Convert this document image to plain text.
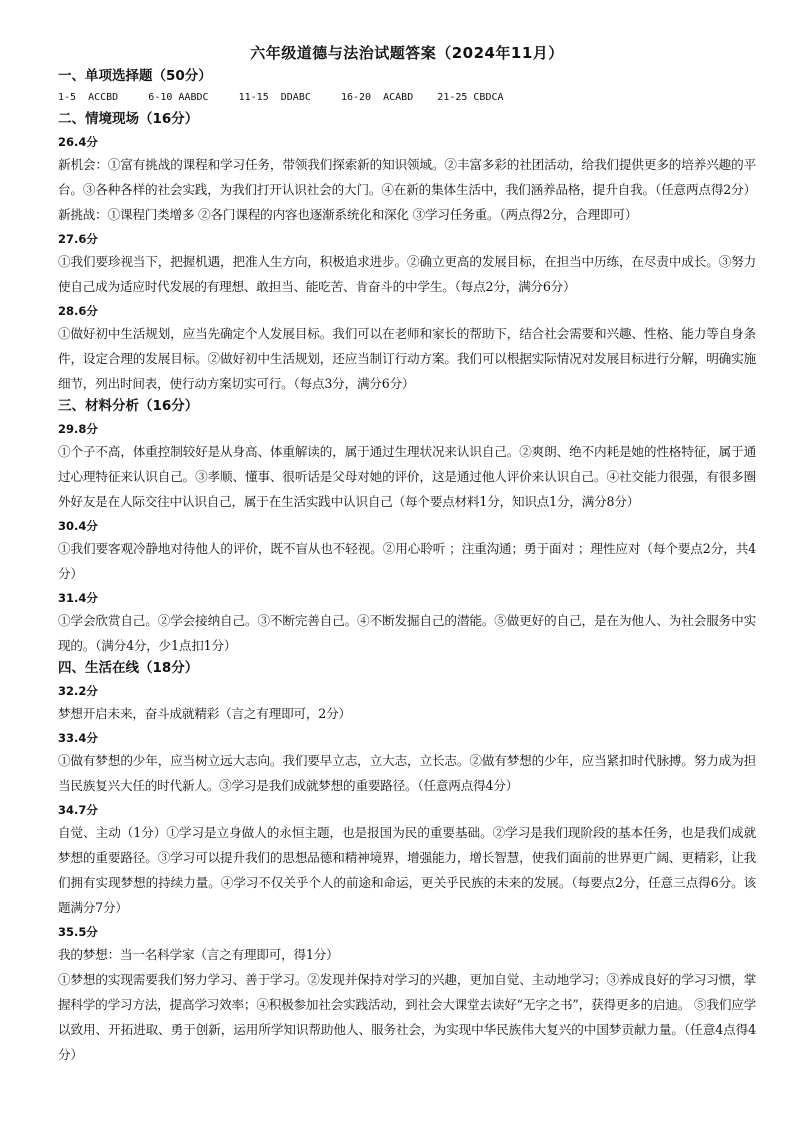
六年级道德与法治试题答案（2024年11月）
一、单项选择题（50分）
1-5  ACCBD     6-10 AABDC     11-15  DDABC     16-20  ACABD    21-25 CBDCA
二、情境现场（16分）
26.4分

新机会：①富有挑战的课程和学习任务，带领我们探索新的知识领域。②丰富多彩的社团活动，给我们提供更多的培养兴趣的平台。③各种各样的社会实践，为我们打开认识社会的大门。④在新的集体生活中，我们涵养品格，提升自我。（任意两点得2分）新挑战：①课程门类增多 ②各门课程的内容也逐渐系统化和深化 ③学习任务重。（两点得2分，合理即可）

27.6分

①我们要珍视当下，把握机遇，把准人生方向，积极追求进步。②确立更高的发展目标，在担当中历练，在尽责中成长。③努力使自己成为适应时代发展的有理想、敢担当、能吃苦、肯奋斗的中学生。（每点2分，满分6分）

28.6分

①做好初中生活规划，应当先确定个人发展目标。我们可以在老师和家长的帮助下，结合社会需要和兴趣、性格、能力等自身条件，设定合理的发展目标。②做好初中生活规划，还应当制订行动方案。我们可以根据实际情况对发展目标进行分解，明确实施细节，列出时间表，使行动方案切实可行。（每点3分，满分6分）

三、材料分析（16分）
29.8分

①个子不高，体重控制较好是从身高、体重解读的，属于通过生理状况来认识自己。②爽朗、绝不内耗是她的性格特征，属于通过心理特征来认识自己。③孝顺、懂事、很听话是父母对她的评价，这是通过他人评价来认识自己。④社交能力很强，有很多圈外好友是在人际交往中认识自己，属于在生活实践中认识自己（每个要点材料1分，知识点1分，满分8分）

30.4分

①我们要客观冷静地对待他人的评价，既不盲从也不轻视。②用心聆听 ；注重沟通；勇于面对 ；理性应对（每个要点2分，共4分）

31.4分

①学会欣赏自己。②学会接纳自己。③不断完善自己。④不断发掘自己的潜能。⑤做更好的自己，是在为他人、为社会服务中实现的。（满分4分，少1点扣1分）

四、生活在线（18分）
32.2分

梦想开启未来，奋斗成就精彩（言之有理即可，2分）

33.4分

①做有梦想的少年，应当树立远大志向。我们要早立志，立大志，立长志。②做有梦想的少年，应当紧扣时代脉搏。努力成为担当民族复兴大任的时代新人。③学习是我们成就梦想的重要路径。（任意两点得4分）

34.7分

自觉、主动（1分）①学习是立身做人的永恒主题，也是报国为民的重要基础。②学习是我们现阶段的基本任务，也是我们成就梦想的重要路径。③学习可以提升我们的思想品德和精神境界，增强能力，增长智慧，使我们面前的世界更广阔、更精彩，让我们拥有实现梦想的持续力量。④学习不仅关乎个人的前途和命运，更关乎民族的未来的发展。（每要点2分，任意三点得6分。该题满分7分）

35.5分

我的梦想：当一名科学家（言之有理即可，得1分）

①梦想的实现需要我们努力学习、善于学习。②发现并保持对学习的兴趣，更加自觉、主动地学习；③养成良好的学习习惯，掌握科学的学习方法，提高学习效率；④积极参加社会实践活动，到社会大课堂去读好“无字之书”，获得更多的启迪。 ⑤我们应学以致用、开拓进取、勇于创新，运用所学知识帮助他人、服务社会，为实现中华民族伟大复兴的中国梦贡献力量。（任意4点得4分）
